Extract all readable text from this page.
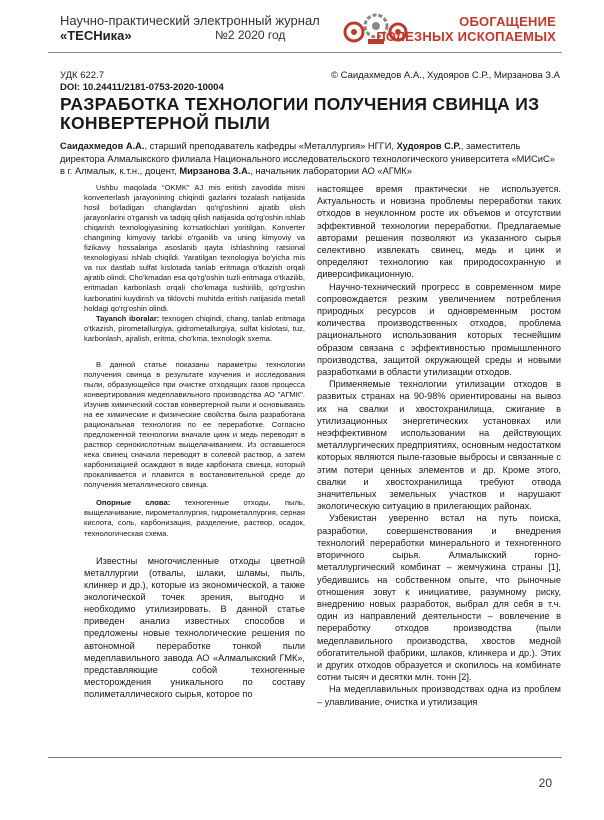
Научно-практический электронный журнал
«TECHика»	№2 2020 год
ОБОГАЩЕНИЕ
ПОЛЕЗНЫХ ИСКОПАЕМЫХ
УДК 622.7	© Саидахмедов А.А., Худояров С.Р., Мирзанова З.А
DOI: 10.24411/2181-0753-2020-10004
РАЗРАБОТКА ТЕХНОЛОГИИ ПОЛУЧЕНИЯ СВИНЦА ИЗ КОНВЕРТЕРНОЙ ПЫЛИ
Саидахмедов А.А., старший преподаватель кафедры «Металлургия» НГГИ, Худояров С.Р., заместитель директора Алмалыкского филиала Национального исследовательского технологического университета «МИСиС» в г. Алмалык, к.т.н., доцент, Мирзанова З.А., начальник лаборатории АО «АГМК»

Ushbu maqolada “OKMK” AJ mis eritish zavodida misni konverterlash jarayonining chiqindi gazlarini tozalash natijasida hosil bo'ladigan changlardan qo'rg'oshinni ajratib olish jarayonlarini o'rganish va tadqiq qilish natijasida qo'rg'oshin ishlab chiqarish texnologiyasining ko'rsatkichlari yoritilgan. Konverter changining kimyoviy tarkibi o'rganilib va uning kimyoviy va fizikaviy hossalariga asoslanib qayta ishlashning ratsional texnologiyasi ishlab chiqildi. Yaratilgan texnologiya bo'yicha mis va rux dastlab sulfat kislotada tanlab eritmaga o'tkazish orqali ajratib olindi. Cho'kmadan esa qo'rg'oshin tuzli eritmaga o'tkazilib, eritmadan karbonlash orqali cho'kmaga tushirilib, qo'rg'oshin karbonatini kuydirish va tiklovchi muhitda eritish natijasida metall holdagi qo'rg'oshin olindi.

Tayanch iboralar: texnogen chiqindi, chang, tanlab eritmaga o'tkazish, pirometallurgiya, gidrometallurgiya, sulfat kislotasi, tuz, karbonlash, ajralish, eritma, cho'kma, texnologik sxema.

В данной статье показаны параметры технологии получения свинца в результате изучения и исследования пыли, образующейся при очистке отходящих газов процесса конвертирования медеплавильного производства АО "АГМК". Изучив химический состав конвертерной пыли и основываясь на ее химические и физические свойства была разработана рациональная технология по ее переработке. Согласно предложенной технологии вначале цинк и медь переводят в раствор сернокислотным выщелачиванием. Из оставшегося кека свинец сначала переводят в солевой раствор, а затем карбонизацией осаждают в виде карбоната свинца, который прокаливается и плавится в востановительной среде до получения металлического свинца.

Опорные слова: техногенные отходы, пыль, выщелачивание, пирометаллургия, гидрометаллургия, серная кислота, соль, карбонизация, разделение, раствор, осадок, технологическая схема.

Известны многочисленные отходы цветной металлургии (отвалы, шлаки, шламы, пыль, клинкер и др.), которые из экономической, а также экологической точек зрения, выгодно и необходимо утилизировать. В данной статье приведен анализ известных способов и предложены новые технологические решения по автономной переработке тонкой пыли медеплавильного завода АО «Алмалыкский ГМК», представляющие собой техногенные месторождения уникального по составу полиметаллического сырья, которое по

настоящее время практически не используется. Актуальность и новизна проблемы переработки таких отходов в неуклонном росте их объемов и отсутствии эффективной технологии переработки. Предлагаемые авторами решения позволяют из указанного сырья селективно извлекать свинец, медь и цинк и определяют технологию как природосохранную и диверсификационную.

Научно-технический прогресс в современном мире сопровождается резким увеличением потребления природных ресурсов и одновременным ростом количества производственных отходов, проблема рационального использования которых теснейшим образом связана с эффективностью промышленного производства, защитой окружающей среды и новыми разработками в области утилизации отходов.

Применяемые технологии утилизации отходов в развитых странах на 90-98% ориентированы на вывоз их на свалки и хвостохранилища, сжигание в утилизационных энергетических установках или неэффективном использовании на действующих металлургических предприятиях, основным недостатком которых являются пыле-газовые выбросы и связанные с этим потери ценных элементов и др. Кроме этого, свалки и хвостохранилища требуют отвода значительных земельных участков и нарушают экологическую ситуацию в прилегающих районах.

Узбекистан уверенно встал на путь поиска, разработки, совершенствования и внедрения технологий переработки минерального и техногенного вторичного сырья. Алмалыкский горно-металлургический комбинат – жемчужина страны [1], убедившись на собственном опыте, что рыночные отношения зовут к инициативе, разумному риску, внедрению новых разработок, выбрал для себя в т.ч. один из направлений деятельности – вовлечение в переработку отходов производства (пыли медеплавильного производства, хвостов медной обогатительной фабрики, шлаков, клинкера и др.). Этих и других отходов образуется и скопилось на комбинате сотни тысяч и десятки млн. тонн [2].

На медеплавильных производствах одна из проблем – улавливание, очистка и утилизация

20
